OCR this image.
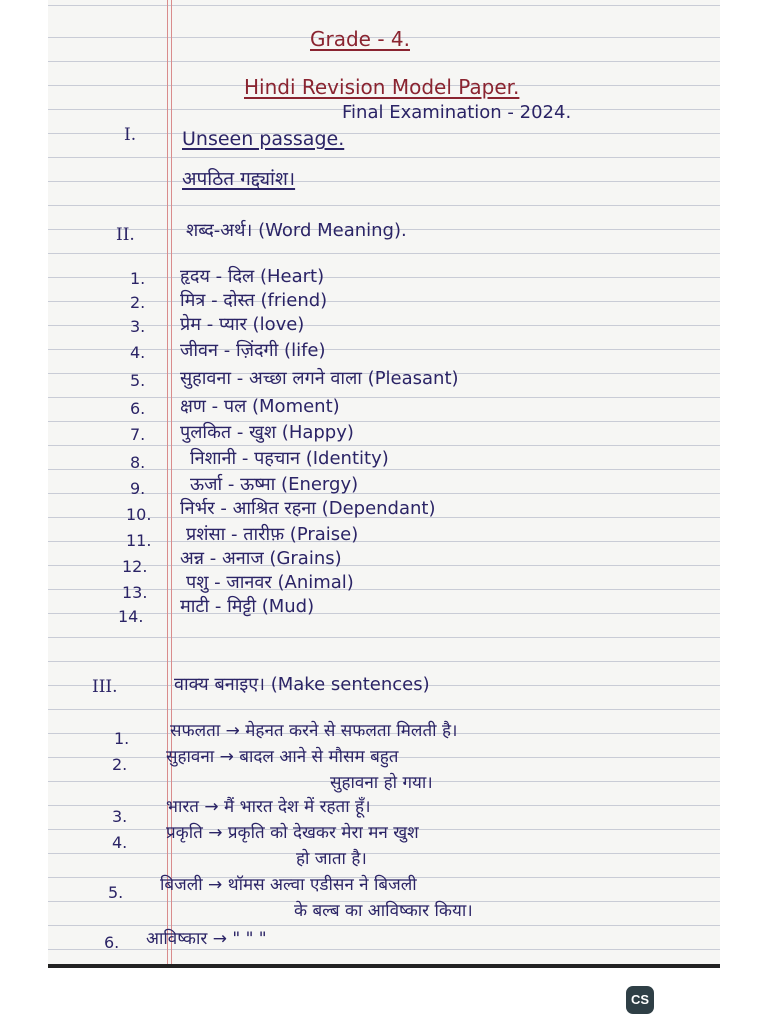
Grade - 4.
Hindi Revision Model Paper.
Final Examination - 2024.
I. Unseen passage.
अपठित गद्द्यांश।
II.	शब्द-अर्थ। (Word Meaning).
1. हृदय - दिल (Heart)
2. मित्र - दोस्त (friend)
3. प्रेम - प्यार (love)
4. जीवन - ज़िंदगी (life)
5. सुहावना - अच्छा लगने वाला (Pleasant)
6. क्षण - पल (Moment)
7. पुलकित - खुश (Happy)
8. निशानी - पहचान (Identity)
9. ऊर्जा - ऊष्मा (Energy)
10. निर्भर - आश्रित रहना (Dependant)
11. प्रशंसा - तारीफ़ (Praise)
12. अन्न - अनाज (Grains)
13. पशु - जानवर (Animal)
14. माटी - मिट्टी (Mud)
III.	वाक्य बनाइए। (Make sentences)
1. सफलता → मेहनत करने से सफलता मिलती है।
2. सुहावना → बादल आने से मौसम बहुत
सुहावना हो गया।
3. भारत → मैं भारत देश में रहता हूँ।
4. प्रकृति → प्रकृति को देखकर मेरा मन खुश
हो जाता है।
5. बिजली → थॉमस अल्वा एडीसन ने बिजली
के बल्ब का आविष्कार किया।
6. आविष्कार → " " "
CS
